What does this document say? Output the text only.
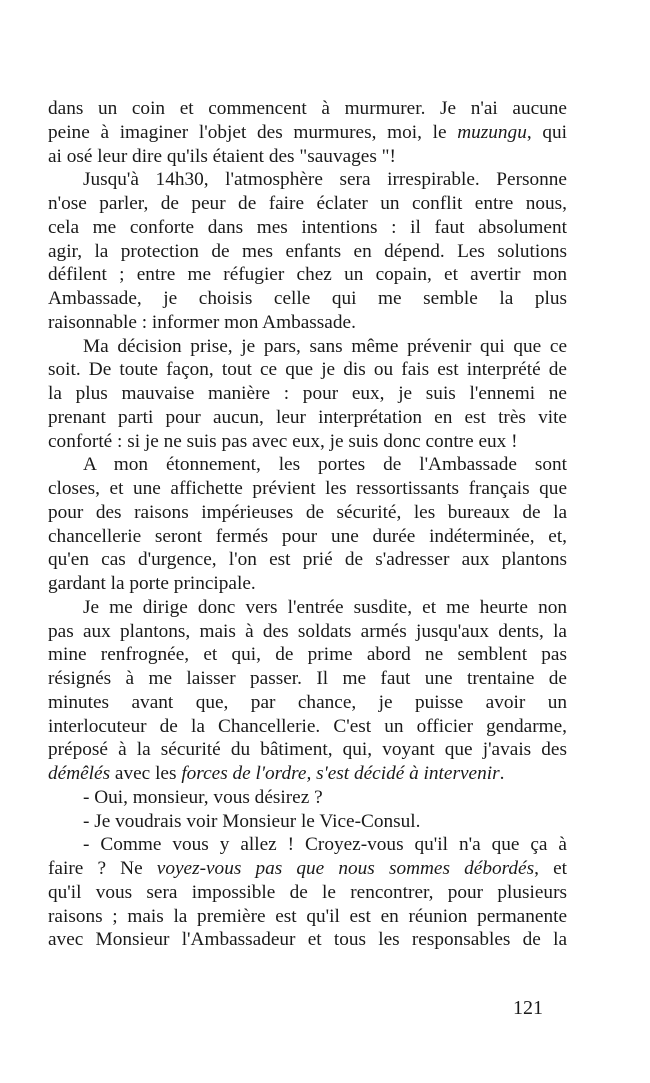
dans un coin et commencent à murmurer. Je n'ai aucune
peine à imaginer l'objet des murmures, moi, le muzungu, qui
ai osé leur dire qu'ils étaient des "sauvages "!
Jusqu'à 14h30, l'atmosphère sera irrespirable. Personne
n'ose parler, de peur de faire éclater un conflit entre nous,
cela me conforte dans mes intentions : il faut absolument
agir, la protection de mes enfants en dépend. Les solutions
défilent ; entre me réfugier chez un copain, et avertir mon
Ambassade, je choisis celle qui me semble la plus
raisonnable : informer mon Ambassade.
Ma décision prise, je pars, sans même prévenir qui que ce
soit. De toute façon, tout ce que je dis ou fais est interprété de
la plus mauvaise manière : pour eux, je suis l'ennemi ne
prenant parti pour aucun, leur interprétation en est très vite
conforté : si je ne suis pas avec eux, je suis donc contre eux !
A mon étonnement, les portes de l'Ambassade sont
closes, et une affichette prévient les ressortissants français que
pour des raisons impérieuses de sécurité, les bureaux de la
chancellerie seront fermés pour une durée indéterminée, et,
qu'en cas d'urgence, l'on est prié de s'adresser aux plantons
gardant la porte principale.
Je me dirige donc vers l'entrée susdite, et me heurte non
pas aux plantons, mais à des soldats armés jusqu'aux dents, la
mine renfrognée, et qui, de prime abord ne semblent pas
résignés à me laisser passer. Il me faut une trentaine de
minutes avant que, par chance, je puisse avoir un
interlocuteur de la Chancellerie. C'est un officier gendarme,
préposé à la sécurité du bâtiment, qui, voyant que j'avais des
démêlés avec les forces de l'ordre, s'est décidé à intervenir.
- Oui, monsieur, vous désirez ?
- Je voudrais voir Monsieur le Vice-Consul.
- Comme vous y allez ! Croyez-vous qu'il n'a que ça à
faire ? Ne voyez-vous pas que nous sommes débordés, et
qu'il vous sera impossible de le rencontrer, pour plusieurs
raisons ; mais la première est qu'il est en réunion permanente
avec Monsieur l'Ambassadeur et tous les responsables de la
121
